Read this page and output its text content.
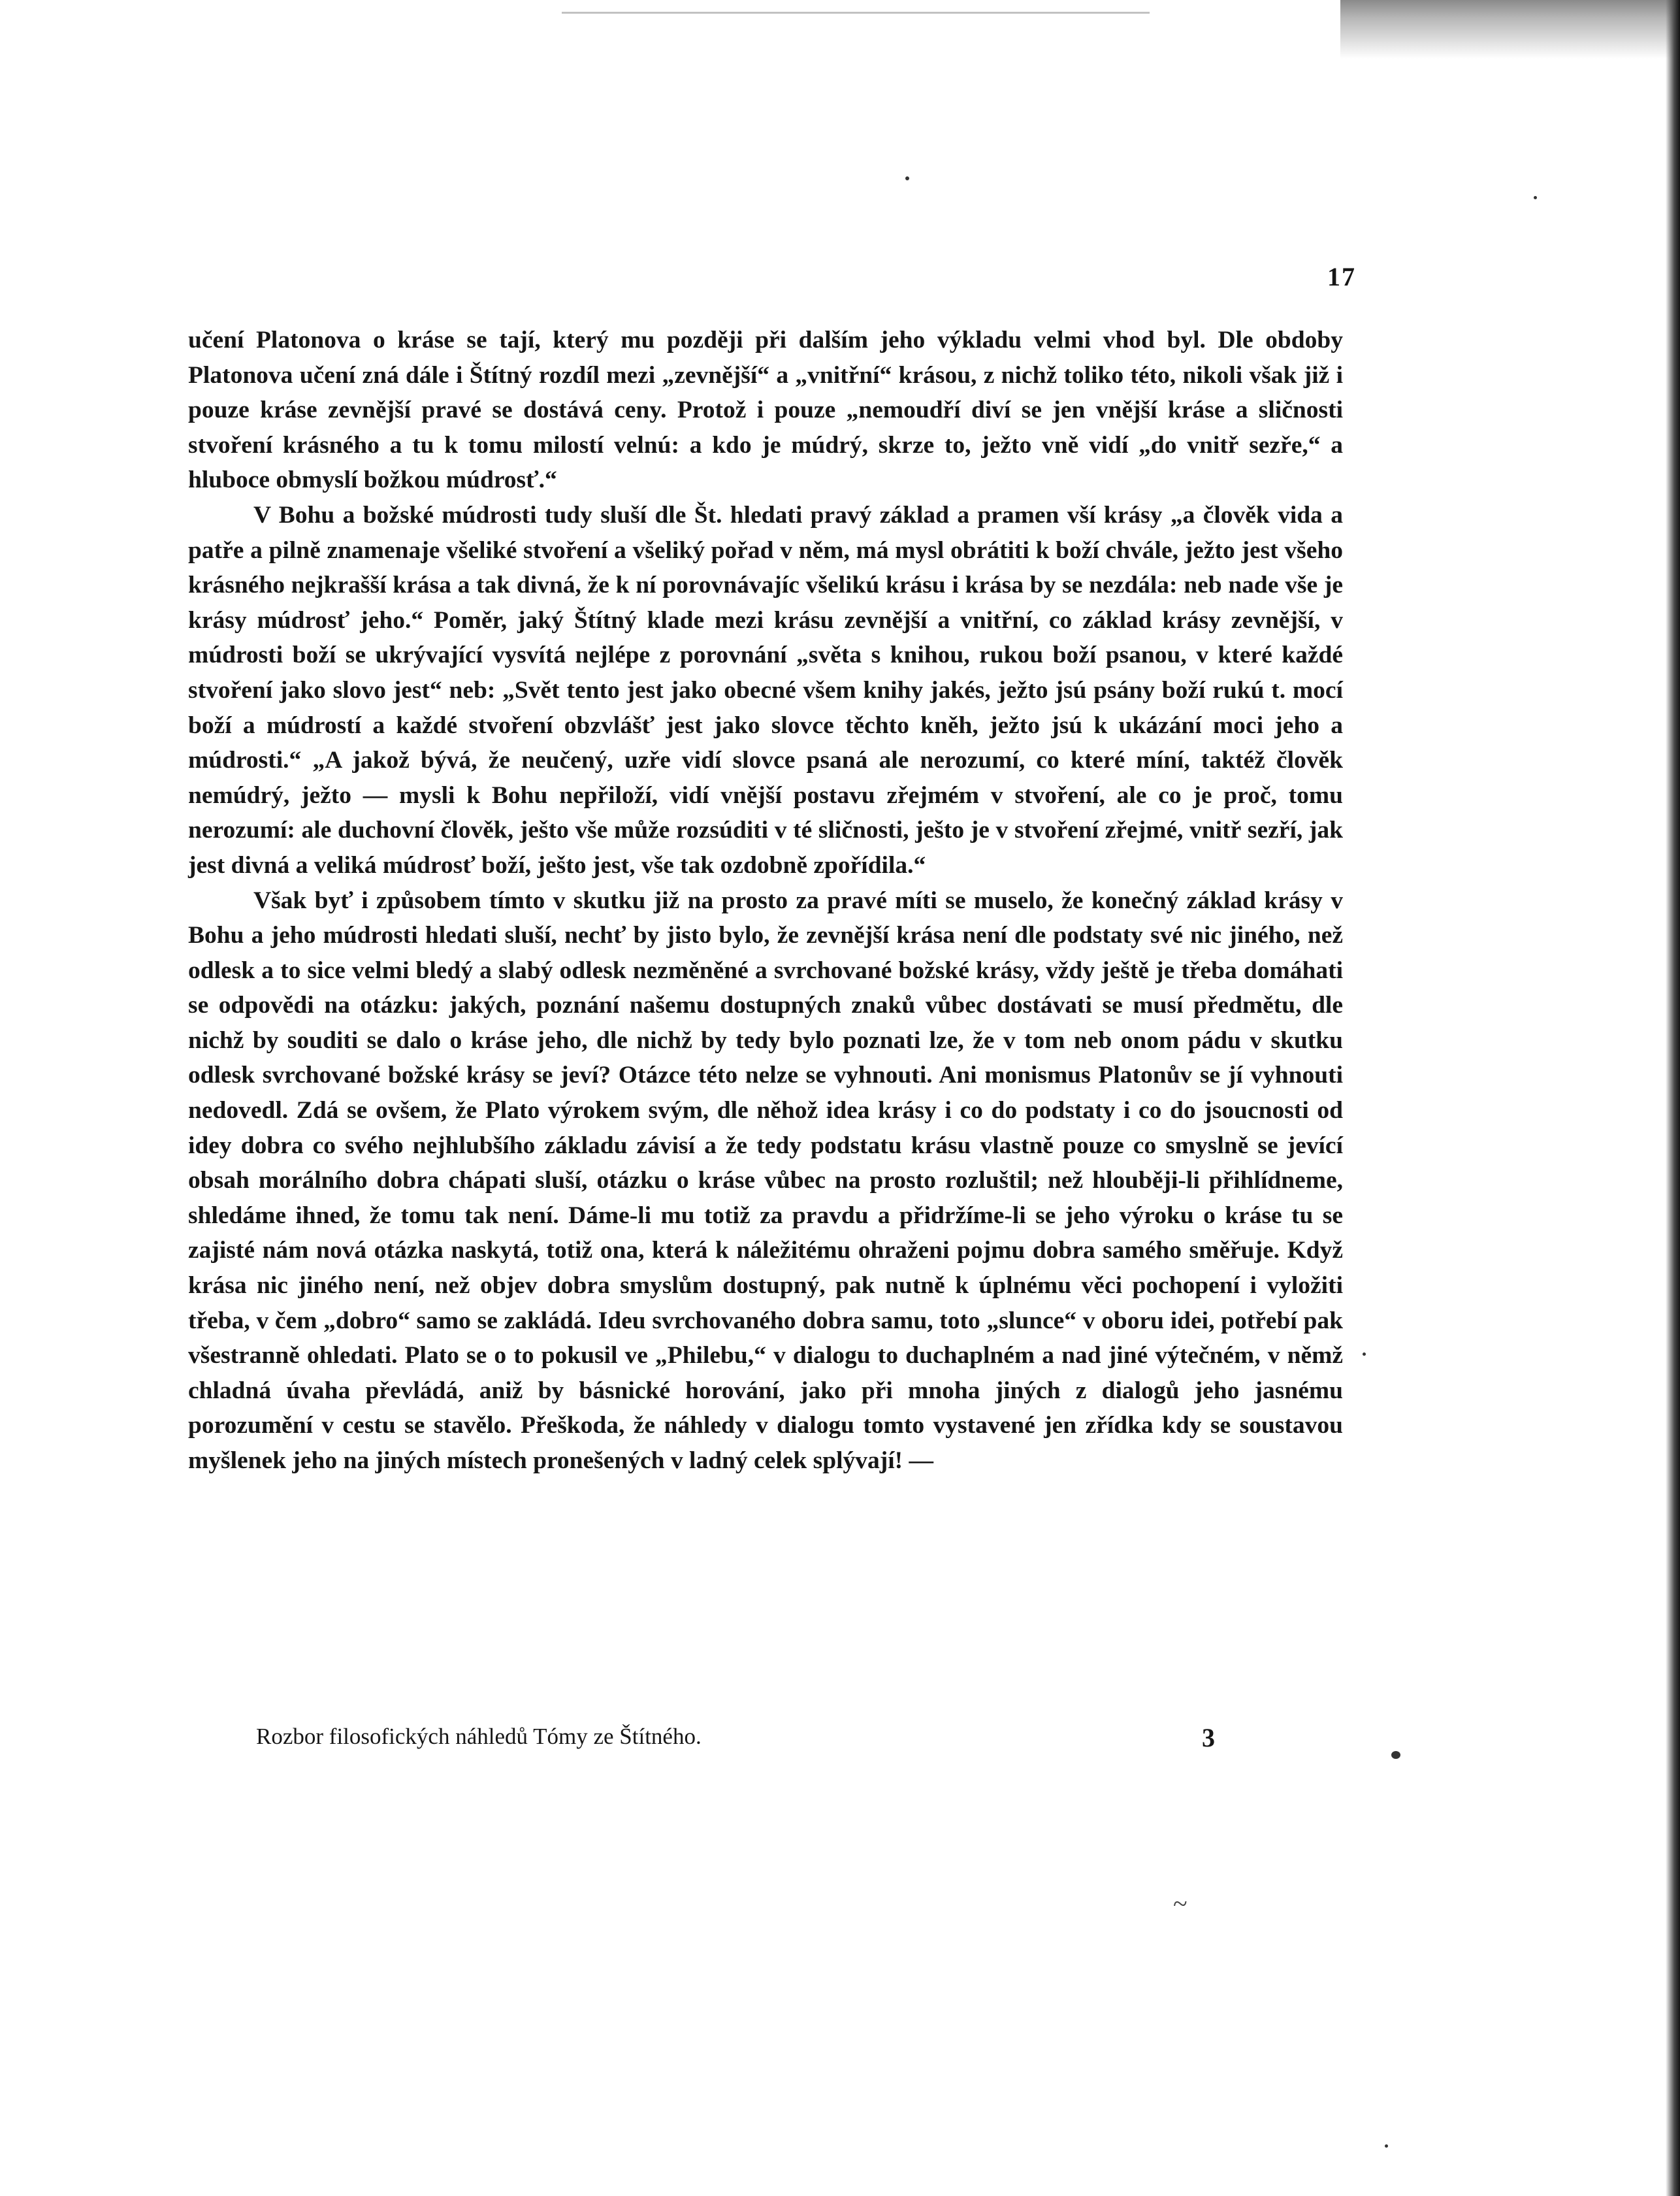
17

učení Platonova o kráse se tají, který mu později při dalším jeho výkladu velmi vhod byl. Dle obdoby Platonova učení zná dále i Štítný rozdíl mezi „zevnější“ a „vnitřní“ krásou, z nichž toliko této, nikoli však již i pouze kráse zevnější pravé se dostává ceny. Protož i pouze „nemoudří diví se jen vnější kráse a sličnosti stvoření krásného a tu k tomu milostí velnú: a kdo je múdrý, skrze to, ježto vně vidí „do vnitř sezře,“ a hluboce obmyslí božkou múdrosť.“

V Bohu a božské múdrosti tudy sluší dle Št. hledati pravý základ a pramen vší krásy „a člověk vida a patře a pilně znamenaje všeliké stvoření a všeliký pořad v něm, má mysl obrátiti k boží chvále, ježto jest všeho krásného nejkrašší krása a tak divná, že k ní porovnávajíc všelikú krásu i krása by se nezdála: neb nade vše je krásy múdrosť jeho.“ Poměr, jaký Štítný klade mezi krásu zevnější a vnitřní, co základ krásy zevnější, v múdrosti boží se ukrývající vysvítá nejlépe z porovnání „světa s knihou, rukou boží psanou, v které každé stvoření jako slovo jest“ neb: „Svět tento jest jako obecné všem knihy jakés, ježto jsú psány boží rukú t. mocí boží a múdrostí a každé stvoření obzvlášť jest jako slovce těchto kněh, ježto jsú k ukázání moci jeho a múdrosti.“ „A jakož bývá, že neučený, uzře vidí slovce psaná ale nerozumí, co které míní, taktéž člověk nemúdrý, ježto — mysli k Bohu nepřiloží, vidí vnější postavu zřejmém v stvoření, ale co je proč, tomu nerozumí: ale duchovní člověk, ješto vše může rozsúditi v té sličnosti, ješto je v stvoření zřejmé, vnitř sezří, jak jest divná a veliká múdrosť boží, ješto jest, vše tak ozdobně zpořídila.“

Však byť i způsobem tímto v skutku již na prosto za pravé míti se muselo, že konečný základ krásy v Bohu a jeho múdrosti hledati sluší, nechť by jisto bylo, že zevnější krása není dle podstaty své nic jiného, než odlesk a to sice velmi bledý a slabý odlesk nezměněné a svrchované božské krásy, vždy ještě je třeba domáhati se odpovědi na otázku: jakých, poznání našemu dostupných znaků vůbec dostávati se musí předmětu, dle nichž by souditi se dalo o kráse jeho, dle nichž by tedy bylo poznati lze, že v tom neb onom pádu v skutku odlesk svrchované božské krásy se jeví? Otázce této nelze se vyhnouti. Ani monismus Platonův se jí vyhnouti nedovedl. Zdá se ovšem, že Plato výrokem svým, dle něhož idea krásy i co do podstaty i co do jsoucnosti od idey dobra co svého nejhlubšího základu závisí a že tedy podstatu krásu vlastně pouze co smyslně se jevící obsah morálního dobra chápati sluší, otázku o kráse vůbec na prosto rozluštil; než hlouběji-li přihlídneme, shledáme ihned, že tomu tak není. Dáme-li mu totiž za pravdu a přidržíme-li se jeho výroku o kráse tu se zajisté nám nová otázka naskytá, totiž ona, která k náležitému ohraženi pojmu dobra samého směřuje. Když krása nic jiného není, než objev dobra smyslům dostupný, pak nutně k úplnému věci pochopení i vyložiti třeba, v čem „dobro“ samo se zakládá. Ideu svrchovaného dobra samu, toto „slunce“ v oboru idei, potřebí pak všestranně ohledati. Plato se o to pokusil ve „Philebu,“ v dialogu to duchaplném a nad jiné výtečném, v němž chladná úvaha převládá, aniž by básnické horování, jako při mnoha jiných z dialogů jeho jasnému porozumění v cestu se stavělo. Přeškoda, že náhledy v dialogu tomto vystavené jen zřídka kdy se soustavou myšlenek jeho na jiných místech pronešených v ladný celek splývají! —

Rozbor filosofických náhledů Tómy ze Štítného.	3
~
